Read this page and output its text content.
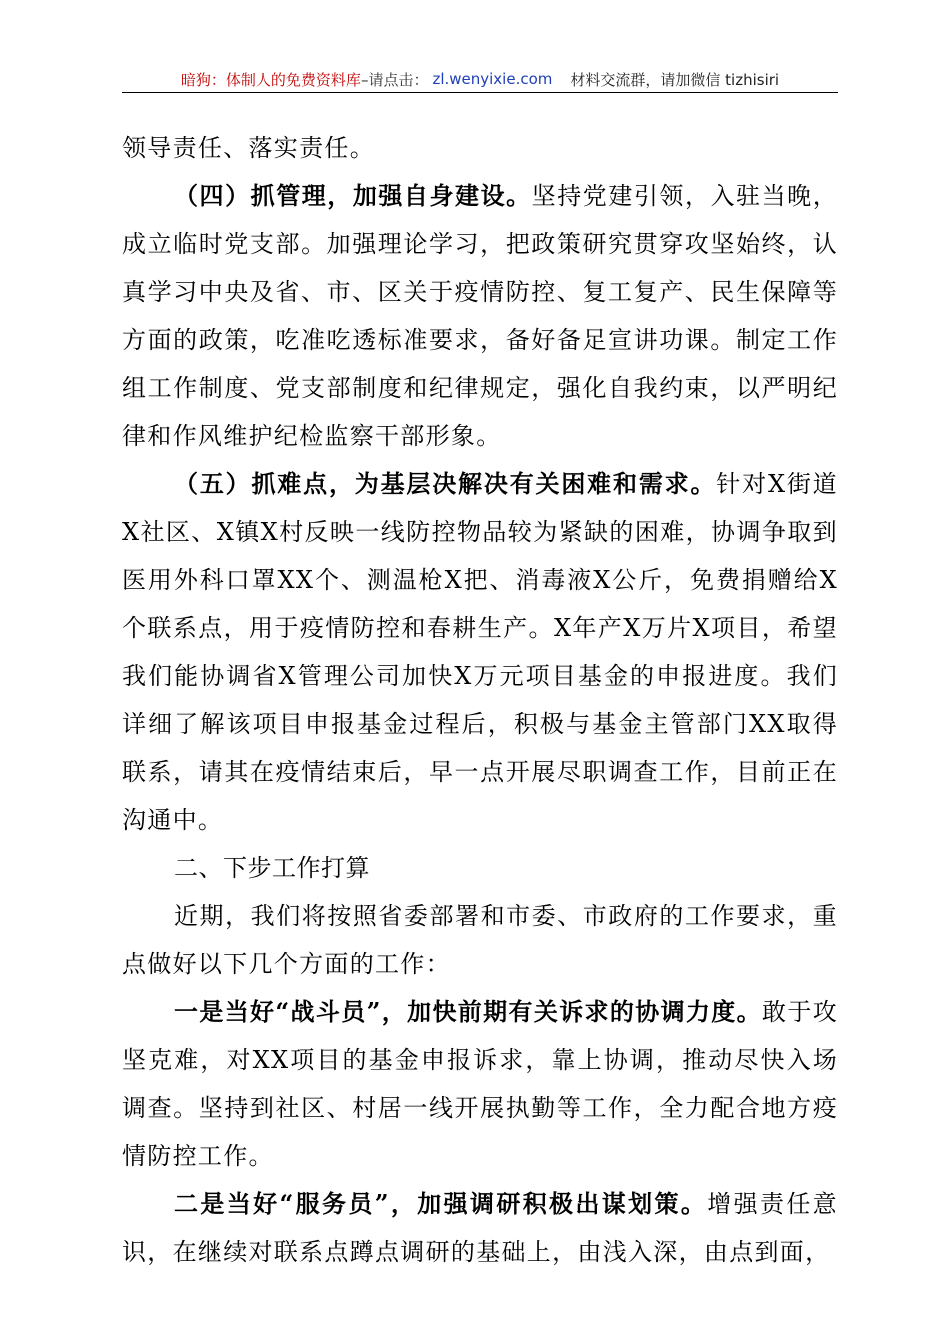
暗狗：体制人的免费资料库 –请点击： zl.wenyixie.com 材料交流群，请加微信 tizhisiri

领导责任、落实责任。

（四）抓管理，加强自身建设。坚持党建引领，入驻当晚，成立临时党支部。加强理论学习，把政策研究贯穿攻坚始终，认真学习中央及省、市、区关于疫情防控、复工复产、民生保障等方面的政策，吃准吃透标准要求，备好备足宣讲功课。制定工作组工作制度、党支部制度和纪律规定，强化自我约束，以严明纪律和作风维护纪检监察干部形象。

（五）抓难点，为基层决解决有关困难和需求。针对X街道X社区、X镇X村反映一线防控物品较为紧缺的困难，协调争取到医用外科口罩XX个、测温枪X把、消毒液X公斤，免费捐赠给X个联系点，用于疫情防控和春耕生产。X年产X万片X项目，希望我们能协调省X管理公司加快X万元项目基金的申报进度。我们详细了解该项目申报基金过程后，积极与基金主管部门XX取得联系，请其在疫情结束后，早一点开展尽职调查工作，目前正在沟通中。

二、下步工作打算

近期，我们将按照省委部署和市委、市政府的工作要求，重点做好以下几个方面的工作：

一是当好“战斗员”，加快前期有关诉求的协调力度。敢于攻坚克难，对XX项目的基金申报诉求，靠上协调，推动尽快入场调查。坚持到社区、村居一线开展执勤等工作，全力配合地方疫情防控工作。

二是当好“服务员”，加强调研积极出谋划策。增强责任意识，在继续对联系点蹲点调研的基础上，由浅入深，由点到面，
